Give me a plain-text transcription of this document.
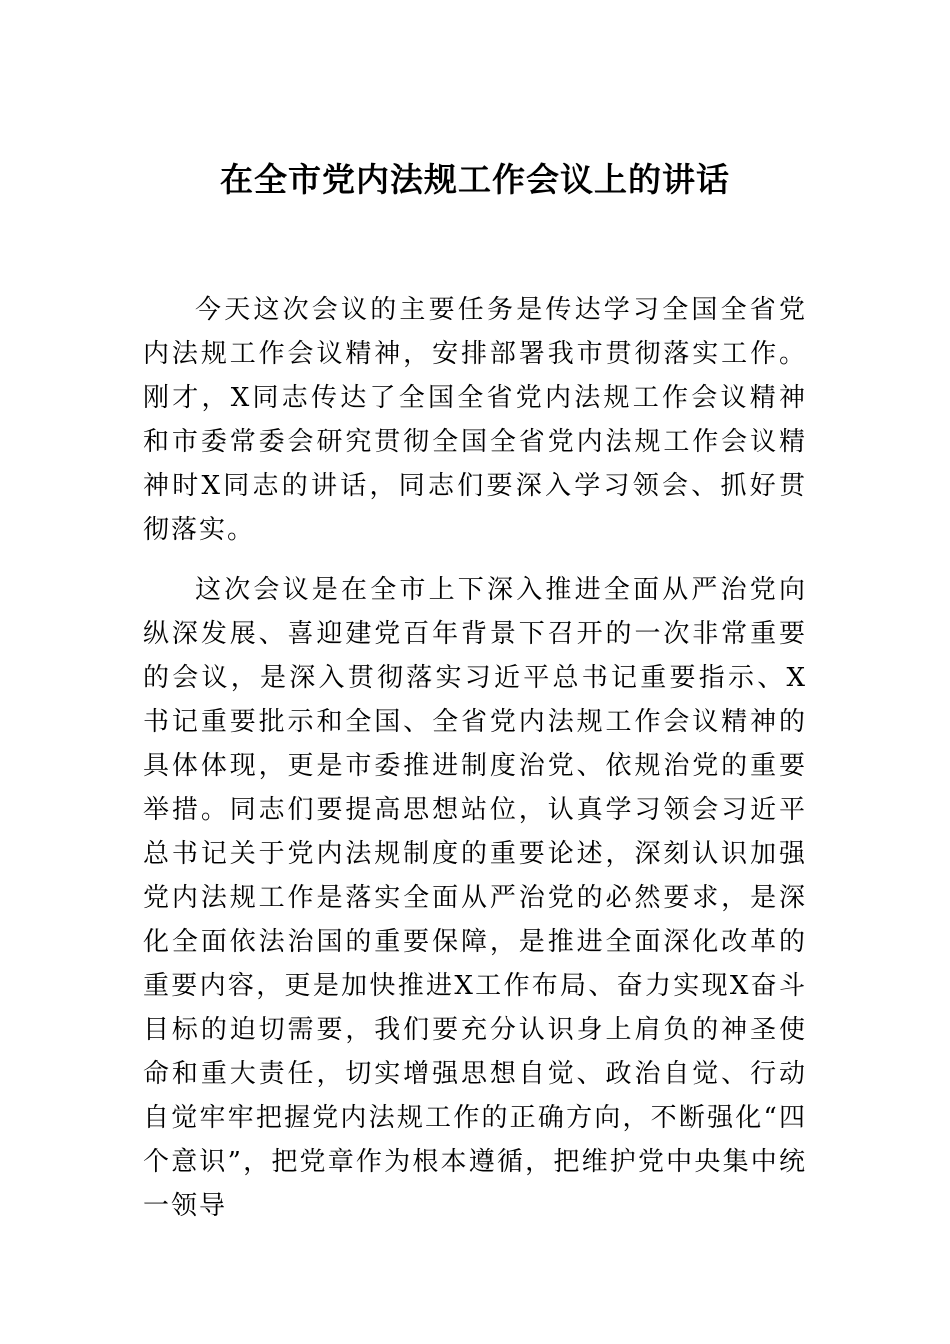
在全市党内法规工作会议上的讲话

今天这次会议的主要任务是传达学习全国全省党内法规工作会议精神，安排部署我市贯彻落实工作。刚才，X同志传达了全国全省党内法规工作会议精神和市委常委会研究贯彻全国全省党内法规工作会议精神时X同志的讲话，同志们要深入学习领会、抓好贯彻落实。

这次会议是在全市上下深入推进全面从严治党向纵深发展、喜迎建党百年背景下召开的一次非常重要的会议，是深入贯彻落实习近平总书记重要指示、X书记重要批示和全国、全省党内法规工作会议精神的具体体现，更是市委推进制度治党、依规治党的重要举措。同志们要提高思想站位，认真学习领会习近平总书记关于党内法规制度的重要论述，深刻认识加强党内法规工作是落实全面从严治党的必然要求，是深化全面依法治国的重要保障，是推进全面深化改革的重要内容，更是加快推进X工作布局、奋力实现X奋斗目标的迫切需要，我们要充分认识身上肩负的神圣使命和重大责任，切实增强思想自觉、政治自觉、行动自觉牢牢把握党内法规工作的正确方向，不断强化“四个意识”，把党章作为根本遵循，把维护党中央集中统一领导
